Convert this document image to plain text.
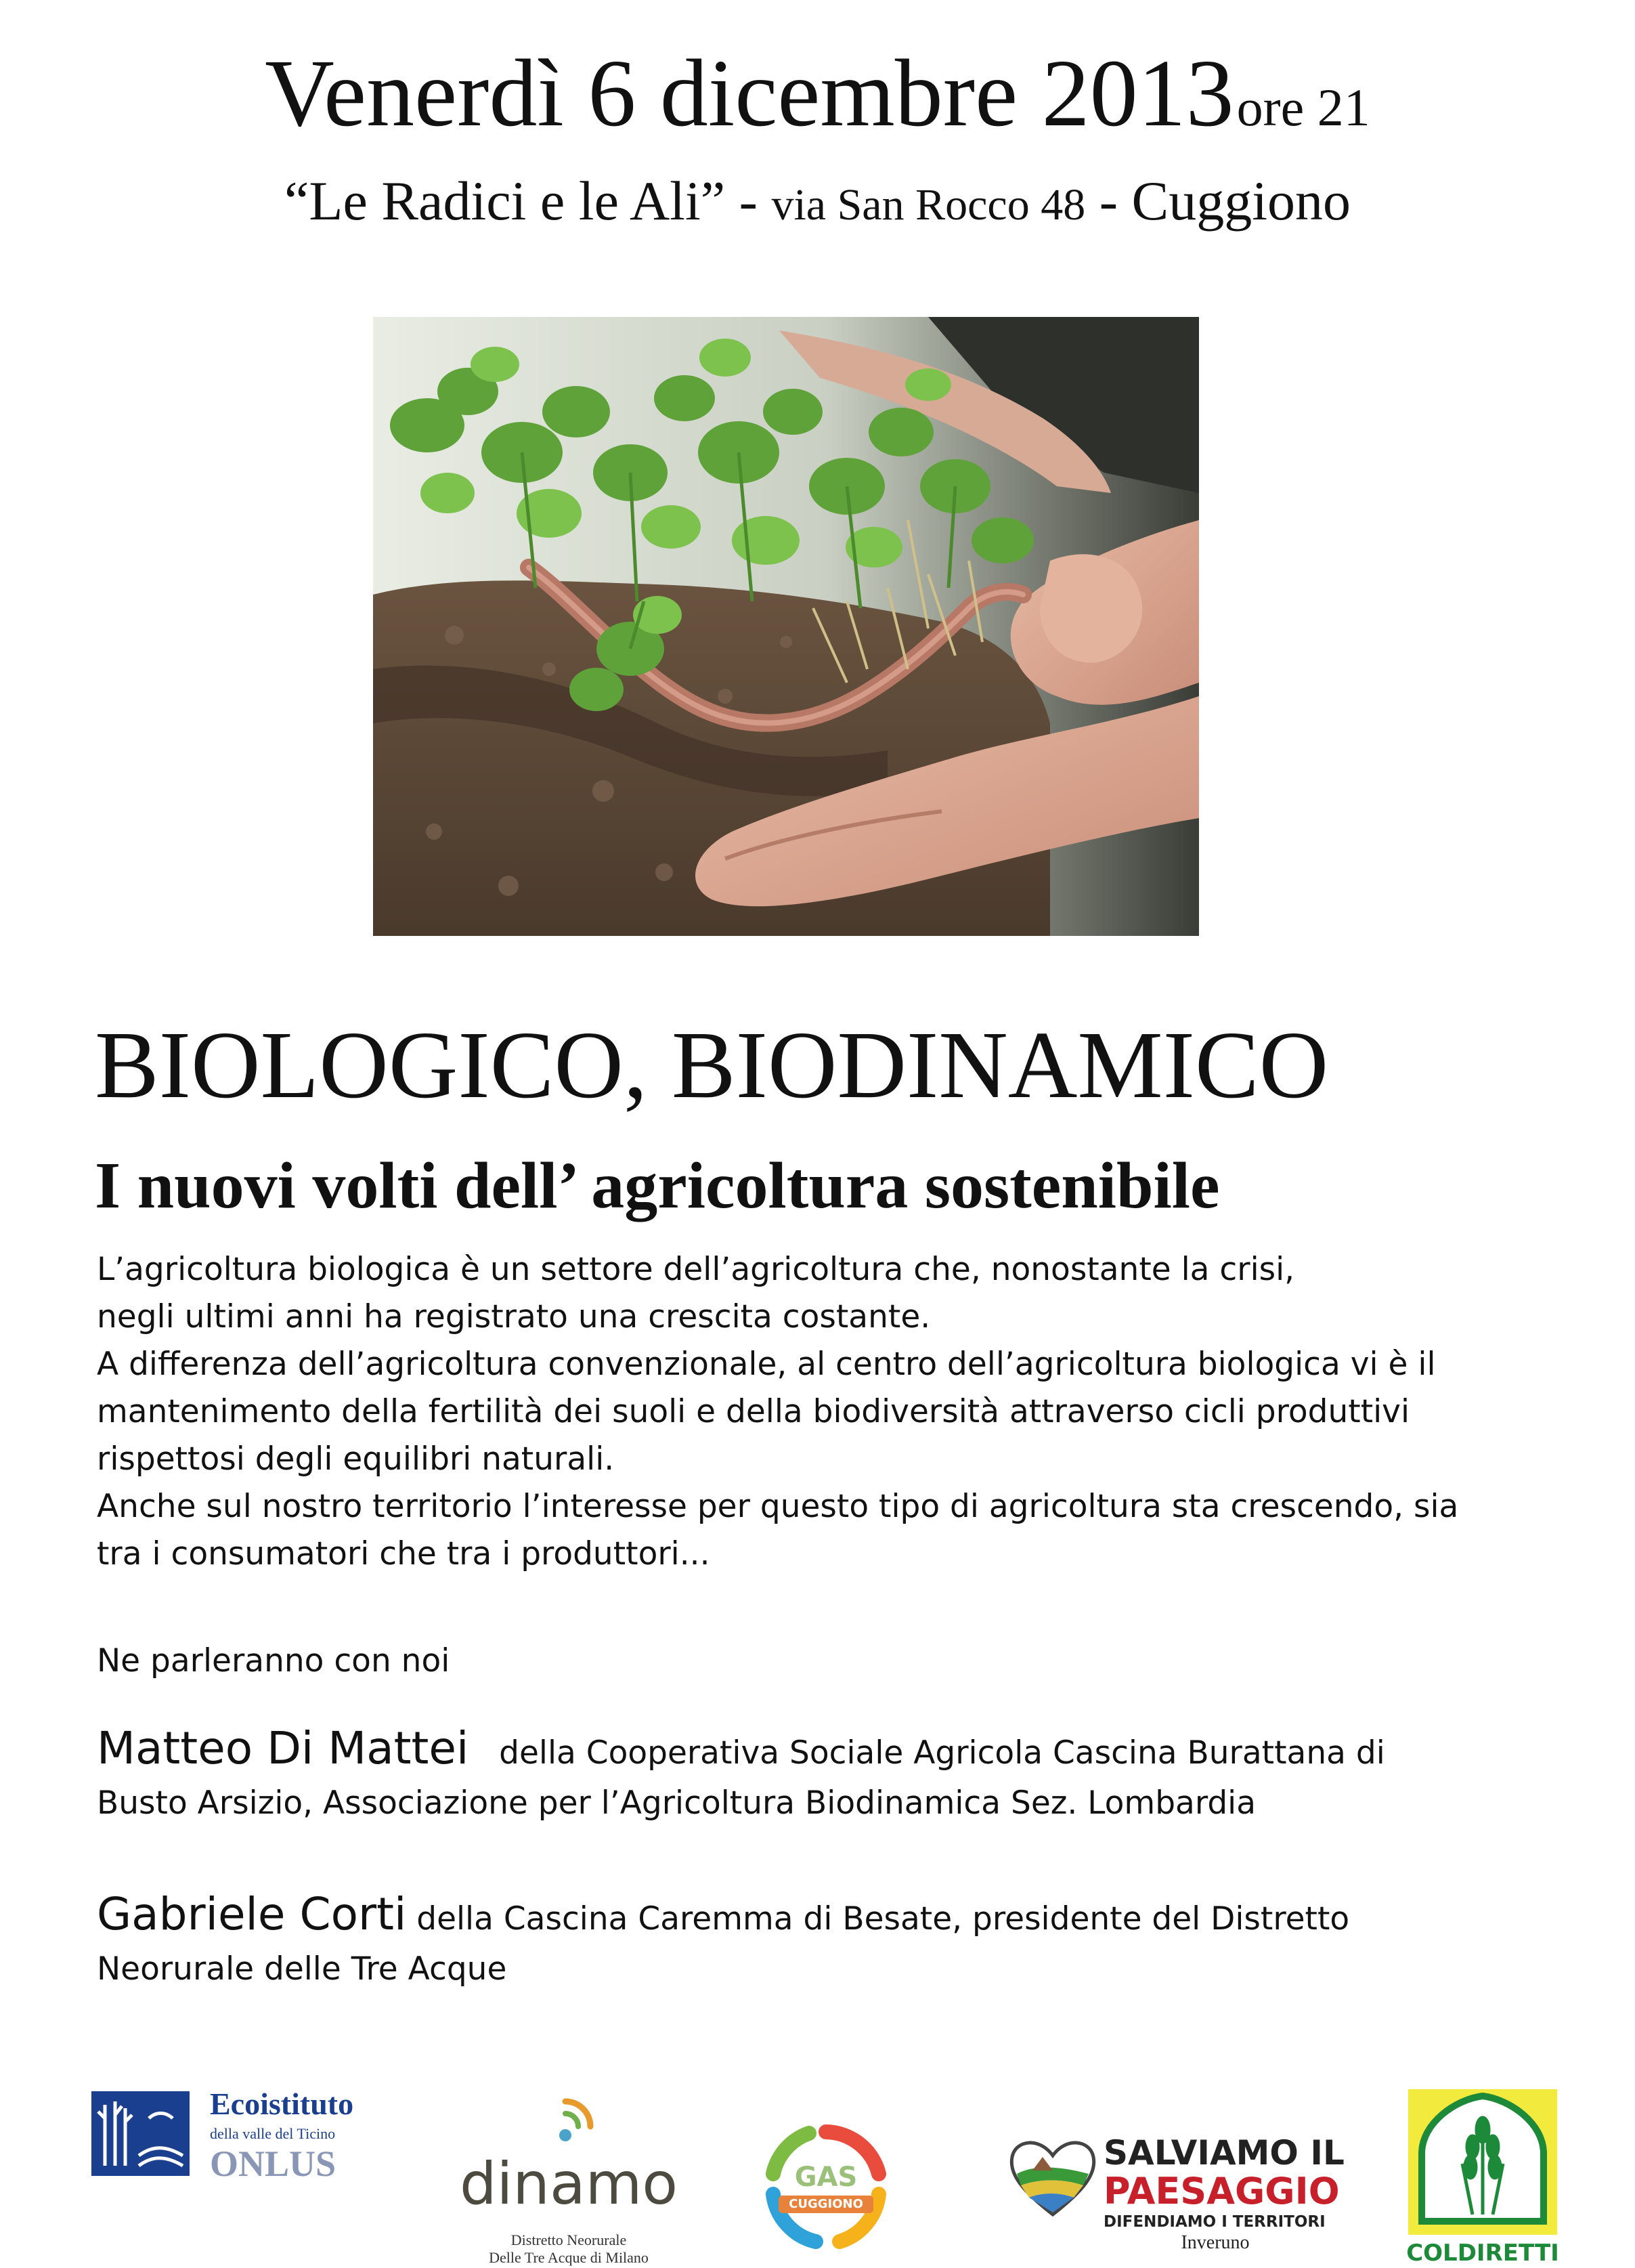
Venerdì 6 dicembre 2013 ore 21
“Le Radici e le Ali” - via San Rocco 48 - Cuggiono
BIOLOGICO, BIODINAMICO
I nuovi volti dell’ agricoltura sostenibile
L’agricoltura biologica è un settore dell’agricoltura che, nonostante la crisi,
negli ultimi anni ha registrato una crescita costante.
A differenza dell’agricoltura convenzionale, al centro dell’agricoltura biologica vi è il
mantenimento della fertilità dei suoli e della biodiversità attraverso cicli produttivi
rispettosi degli equilibri naturali.
Anche sul nostro territorio l’interesse per questo tipo di agricoltura sta crescendo, sia
tra i consumatori che tra i produttori...
Ne parleranno con noi
Matteo Di Mattei della Cooperativa Sociale Agricola Cascina Burattana di
Busto Arsizio, Associazione per l’Agricoltura Biodinamica Sez. Lombardia
Gabriele Corti della Cascina Caremma di Besate, presidente del Distretto
Neorurale delle Tre Acque
Ecoistituto
della valle del Ticino
ONLUS dinamo
Distretto Neorurale
Delle Tre Acque di Milano
GAS
CUGGIONO
SALVIAMO IL
PAESAGGIO
DIFENDIAMO I TERRITORI
Inveruno	COLDIRETTI
